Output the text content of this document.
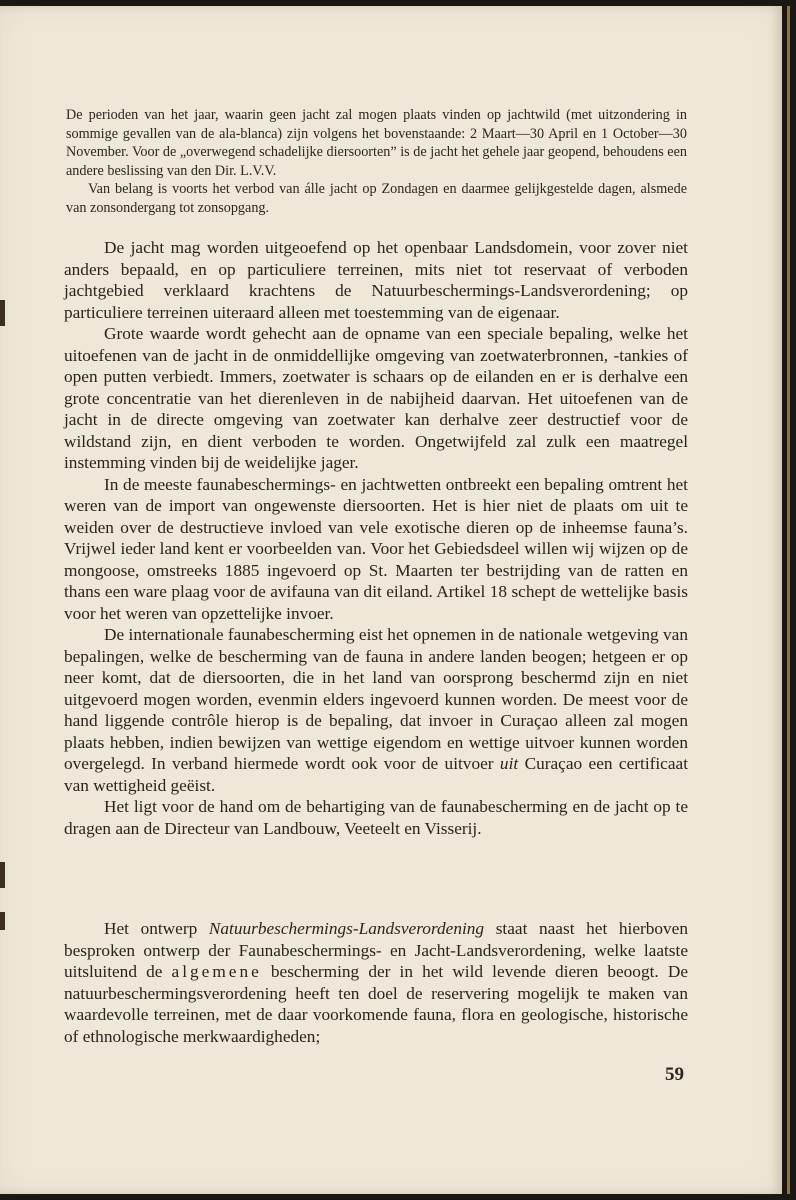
De perioden van het jaar, waarin geen jacht zal mogen plaats vinden op jachtwild (met uitzondering in sommige gevallen van de ala-blanca) zijn volgens het bovenstaande: 2 Maart—30 April en 1 October—30 November. Voor de „overwegend schadelijke diersoorten” is de jacht het gehele jaar geopend, behoudens een andere beslissing van den Dir. L.V.V.

Van belang is voorts het verbod van álle jacht op Zondagen en daarmee gelijkgestelde dagen, alsmede van zonsondergang tot zonsopgang.

De jacht mag worden uitgeoefend op het openbaar Landsdomein, voor zover niet anders bepaald, en op particuliere terreinen, mits niet tot reservaat of verboden jachtgebied verklaard krachtens de Natuurbeschermings-Landsverordening; op particuliere terreinen uiteraard alleen met toestemming van de eigenaar.

Grote waarde wordt gehecht aan de opname van een speciale bepaling, welke het uitoefenen van de jacht in de onmiddellijke omgeving van zoetwaterbronnen, -tankies of open putten verbiedt. Immers, zoetwater is schaars op de eilanden en er is derhalve een grote concentratie van het dierenleven in de nabijheid daarvan. Het uitoefenen van de jacht in de directe omgeving van zoetwater kan derhalve zeer destructief voor de wildstand zijn, en dient verboden te worden. Ongetwijfeld zal zulk een maatregel instemming vinden bij de weidelijke jager.

In de meeste faunabeschermings- en jachtwetten ontbreekt een bepaling omtrent het weren van de import van ongewenste diersoorten. Het is hier niet de plaats om uit te weiden over de destructieve invloed van vele exotische dieren op de inheemse fauna’s. Vrijwel ieder land kent er voorbeelden van. Voor het Gebiedsdeel willen wij wijzen op de mongoose, omstreeks 1885 ingevoerd op St. Maarten ter bestrijding van de ratten en thans een ware plaag voor de avifauna van dit eiland. Artikel 18 schept de wettelijke basis voor het weren van opzettelijke invoer.

De internationale faunabescherming eist het opnemen in de nationale wetgeving van bepalingen, welke de bescherming van de fauna in andere landen beogen; hetgeen er op neer komt, dat de diersoorten, die in het land van oorsprong beschermd zijn en niet uitgevoerd mogen worden, evenmin elders ingevoerd kunnen worden. De meest voor de hand liggende contrôle hierop is de bepaling, dat invoer in Curaçao alleen zal mogen plaats hebben, indien bewijzen van wettige eigendom en wettige uitvoer kunnen worden overgelegd. In verband hiermede wordt ook voor de uitvoer uit Curaçao een certificaat van wettigheid geëist.

Het ligt voor de hand om de behartiging van de faunabescherming en de jacht op te dragen aan de Directeur van Landbouw, Veeteelt en Visserij.

Het ontwerp Natuurbeschermings-Landsverordening staat naast het hierboven besproken ontwerp der Faunabeschermings- en Jacht-Landsverordening, welke laatste uitsluitend de algemene bescherming der in het wild levende dieren beoogt. De natuurbeschermingsverordening heeft ten doel de reservering mogelijk te maken van waardevolle terreinen, met de daar voorkomende fauna, flora en geologische, historische of ethnologische merkwaardigheden;

59
